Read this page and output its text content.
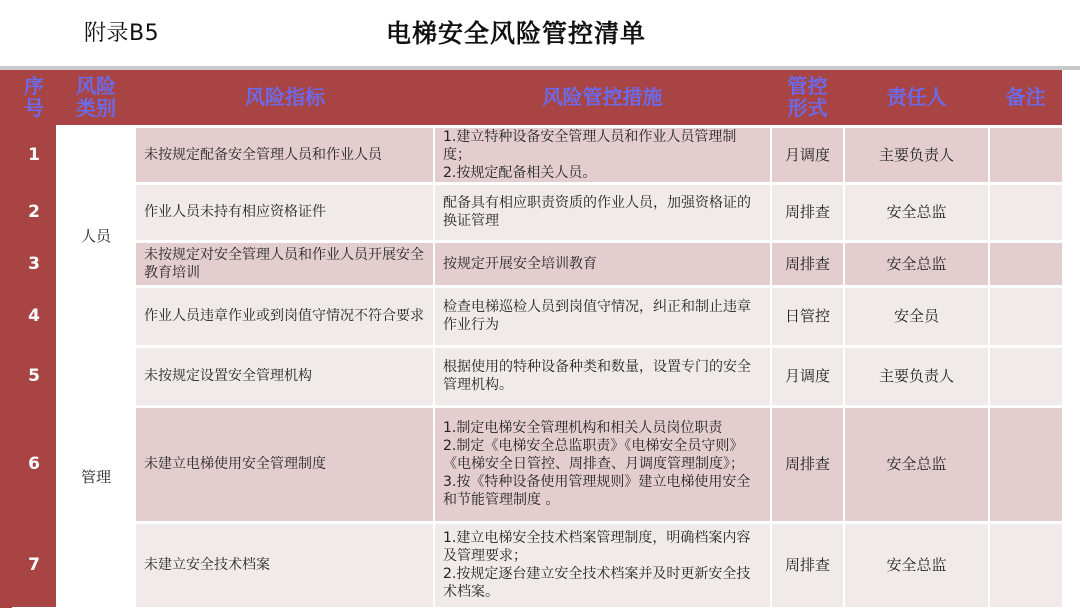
附录B5	电梯安全风险管控清单
序号	风险类别	风险指标	风险管控措施	管控形式	责任人	备注
1	人员	未按规定配备安全管理人员和作业人员	1.建立特种设备安全管理人员和作业人员管理制度；
2.按规定配备相关人员。	月调度	主要负责人	
2		作业人员未持有相应资格证件	配备具有相应职责资质的作业人员，加强资格证的换证管理	周排查	安全总监	
3		未按规定对安全管理人员和作业人员开展安全教育培训	按规定开展安全培训教育	周排查	安全总监	
4		作业人员违章作业或到岗值守情况不符合要求	检查电梯巡检人员到岗值守情况，纠正和制止违章作业行为	日管控	安全员	
5	管理	未按规定设置安全管理机构	根据使用的特种设备种类和数量，设置专门的安全管理机构。	月调度	主要负责人	
6		未建立电梯使用安全管理制度	1.制定电梯安全管理机构和相关人员岗位职责
2.制定《电梯安全总监职责》《电梯安全员守则》《电梯安全日管控、周排查、月调度管理制度》；
3.按《特种设备使用管理规则》建立电梯使用安全和节能管理制度 。	周排查	安全总监	
7		未建立安全技术档案	1.建立电梯安全技术档案管理制度，明确档案内容及管理要求；
2.按规定逐台建立安全技术档案并及时更新安全技术档案。	周排查	安全总监	
